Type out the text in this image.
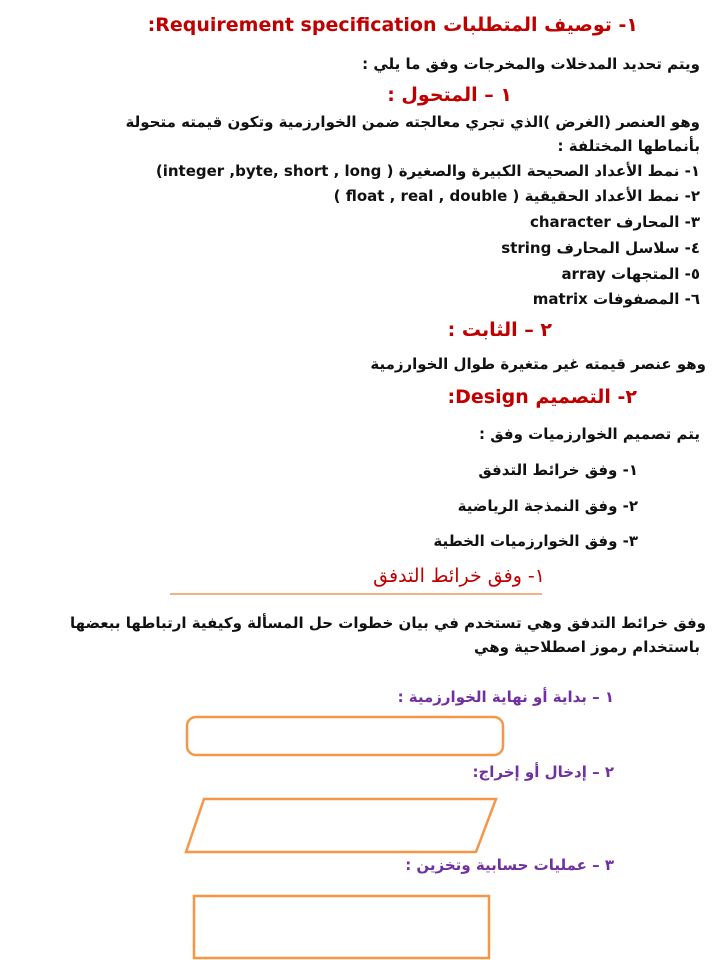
١- توصيف المتطلبات Requirement specification:
ويتم تحديد المدخلات والمخرجات وفق ما يلي :
١ – المتحول :
وهو العنصر (الغرض )الذي تجري معالجته ضمن الخوارزمية وتكون قيمته متحولة
بأنماطها المختلفة :
١- نمط الأعداد الصحيحة الكبيرة والصغيرة ( integer ,byte, short , long)
٢- نمط الأعداد الحقيقية ( float , real , double )
٣- المحارف character
٤- سلاسل المحارف string
٥- المتجهات array
٦- المصفوفات matrix
٢ – الثابت :
وهو عنصر قيمته غير متغيرة طوال الخوارزمية
٢- التصميم Design:
يتم تصميم الخوارزميات وفق :
١- وفق خرائط التدفق
٢- وفق النمذجة الرياضية
٣- وفق الخوارزميات الخطية
١- وفق خرائط التدفق
وفق خرائط التدفق وهي تستخدم في بيان خطوات حل المسألة وكيفية ارتباطها ببعضها
باستخدام رموز اصطلاحية وهي
١ – بداية أو نهاية الخوارزمية :
٢ – إدخال أو إخراج:
٣ – عمليات حسابية وتخزين :
